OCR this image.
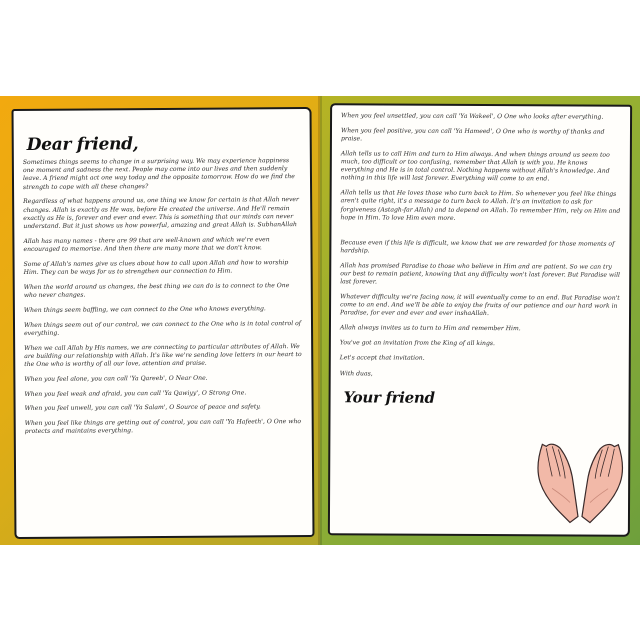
Dear friend,

Sometimes things seems to change in a surprising way. We may experience happiness one moment and sadness the next. People may come into our lives and then suddenly leave. A friend might act one way today and the opposite tomorrow. How do we find the strength to cope with all these changes?

Regardless of what happens around us, one thing we know for certain is that Allah never changes. Allah is exactly as He was, before He created the universe. And He'll remain exactly as He is, forever and ever and ever. This is something that our minds can never understand. But it just shows us how powerful, amazing and great Allah is. SubhanAllah

Allah has many names - there are 99 that are well-known and which we're even encouraged to memorise. And then there are many more that we don't know.

Some of Allah's names give us clues about how to call upon Allah and how to worship Him. They can be ways for us to strengthen our connection to Him.

When the world around us changes, the best thing we can do is to connect to the One who never changes.

When things seem baffling, we can connect to the One who knows everything.

When things seem out of our control, we can connect to the One who is in total control of everything.

When we call Allah by His names, we are connecting to particular attributes of Allah. We are building our relationship with Allah. It's like we're sending love letters in our heart to the One who is worthy of all our love, attention and praise.

When you feel alone, you can call 'Ya Qareeb', O Near One.

When you feel weak and afraid, you can call 'Ya Qawiyy', O Strong One.

When you feel unwell, you can call 'Ya Salam', O Source of peace and safety.

When you feel like things are getting out of control, you can call 'Ya Hafeeth', O One who protects and maintains everything.

When you feel unsettled, you can call 'Ya Wakeel', O One who looks after everything.

When you feel positive, you can call 'Ya Hameed', O One who is worthy of thanks and praise.

Allah tells us to call Him and turn to Him always. And when things around us seem too much, too difficult or too confusing, remember that Allah is with you. He knows everything and He is in total control. Nothing happens without Allah's knowledge. And nothing in this life will last forever. Everything will come to an end.

Allah tells us that He loves those who turn back to Him. So whenever you feel like things aren't quite right, it's a message to turn back to Allah. It's an invitation to ask for forgiveness (Astagh-far Allah) and to depend on Allah. To remember Him, rely on Him and hope in Him. To love Him even more.

Because even if this life is difficult, we know that we are rewarded for those moments of hardship.

Allah has promised Paradise to those who believe in Him and are patient. So we can try our best to remain patient, knowing that any difficulty won't last forever. But Paradise will last forever.

Whatever difficulty we're facing now, it will eventually come to an end. But Paradise won't come to an end. And we'll be able to enjoy the fruits of our patience and our hard work in Paradise, for ever and ever and ever inshaAllah.

Allah always invites us to turn to Him and remember Him.

You've got an invitation from the King of all kings.

Let's accept that invitation.

With duas,

Your friend
